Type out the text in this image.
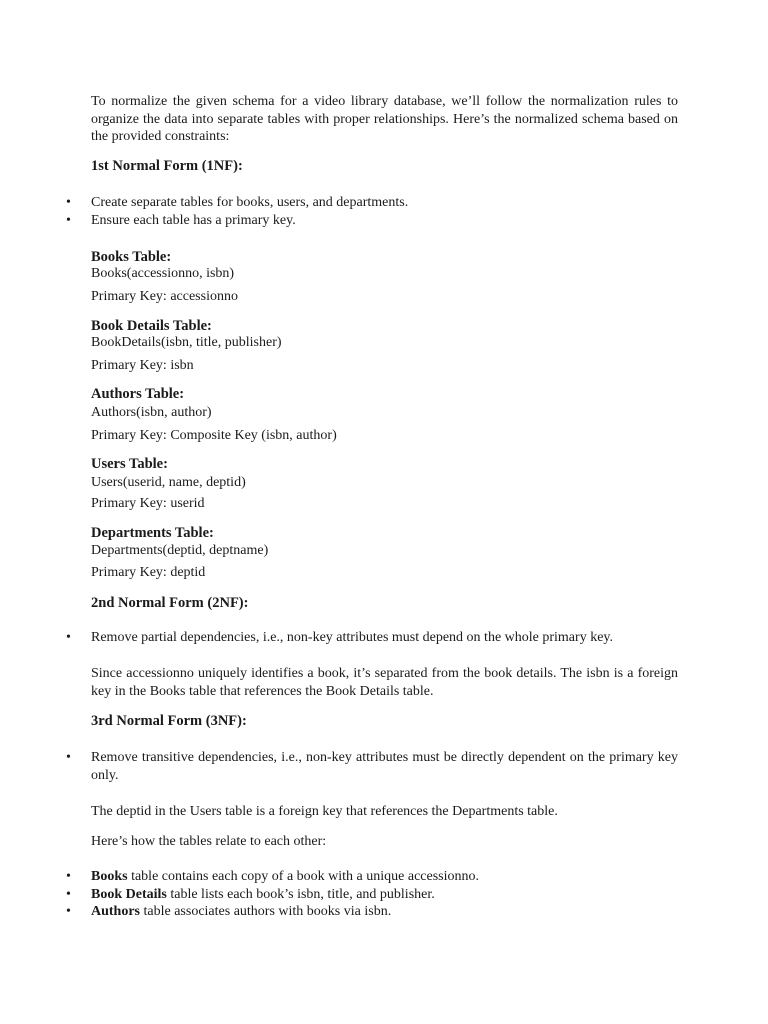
To normalize the given schema for a video library database, we’ll follow the normalization rules to organize the data into separate tables with proper relationships. Here’s the normalized schema based on the provided constraints:
1st Normal Form (1NF):
• Create separate tables for books, users, and departments.
• Ensure each table has a primary key.
Books Table:
Books(accessionno, isbn)
Primary Key: accessionno
Book Details Table:
BookDetails(isbn, title, publisher)
Primary Key: isbn
Authors Table:
Authors(isbn, author)
Primary Key: Composite Key (isbn, author)
Users Table:
Users(userid, name, deptid)
Primary Key: userid
Departments Table:
Departments(deptid, deptname)
Primary Key: deptid
2nd Normal Form (2NF):
• Remove partial dependencies, i.e., non-key attributes must depend on the whole primary key.
Since accessionno uniquely identifies a book, it’s separated from the book details. The isbn is a foreign key in the Books table that references the Book Details table.
3rd Normal Form (3NF):
• Remove transitive dependencies, i.e., non-key attributes must be directly dependent on the primary key only.
The deptid in the Users table is a foreign key that references the Departments table.
Here’s how the tables relate to each other:
• Books table contains each copy of a book with a unique accessionno.
• Book Details table lists each book’s isbn, title, and publisher.
• Authors table associates authors with books via isbn.
